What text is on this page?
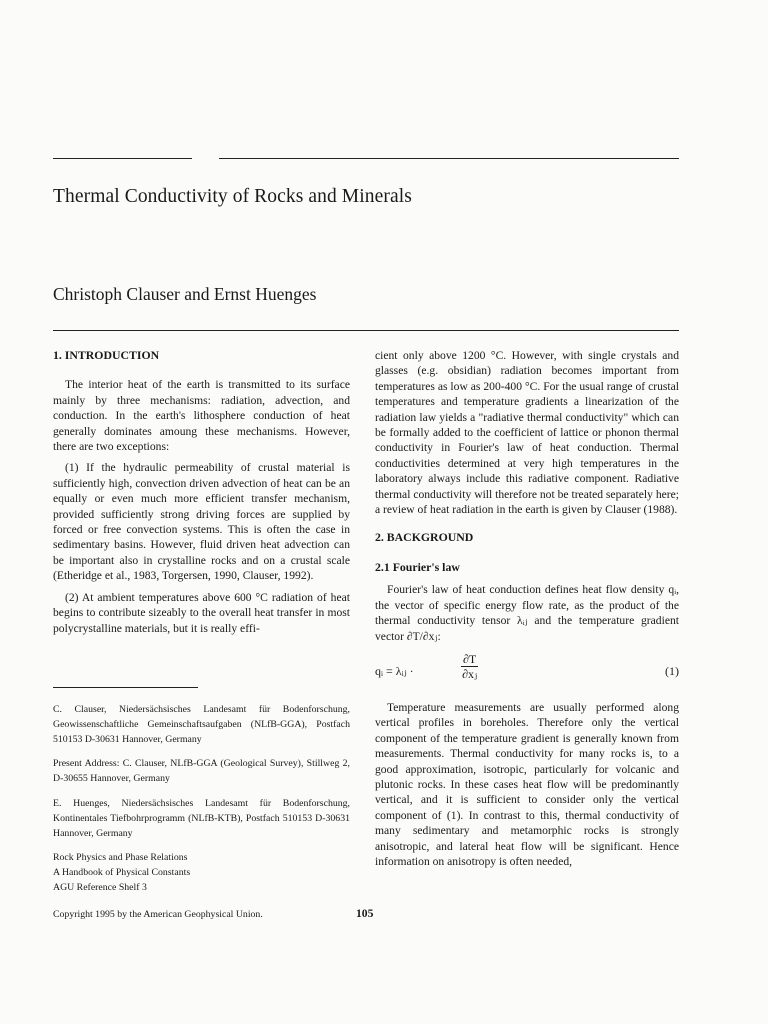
Thermal Conductivity of Rocks and Minerals
Christoph Clauser and Ernst Huenges
1. INTRODUCTION

The interior heat of the earth is transmitted to its surface mainly by three mechanisms: radiation, advection, and conduction. In the earth's lithosphere conduction of heat generally dominates amoung these mechanisms. However, there are two exceptions:

(1) If the hydraulic permeability of crustal material is sufficiently high, convection driven advection of heat can be an equally or even much more efficient transfer mechanism, provided sufficiently strong driving forces are supplied by forced or free convection systems. This is often the case in sedimentary basins. However, fluid driven heat advection can be important also in crystalline rocks and on a crustal scale (Etheridge et al., 1983, Torgersen, 1990, Clauser, 1992).

(2) At ambient temperatures above 600 °C radiation of heat begins to contribute sizeably to the overall heat transfer in most polycrystalline materials, but it is really effi-

C. Clauser, Niedersächsisches Landesamt für Bodenforschung, Geowissenschaftliche Gemeinschaftsaufgaben (NLfB-GGA), Postfach 510153 D-30631 Hannover, Germany

Present Address: C. Clauser, NLfB-GGA (Geological Survey), Stillweg 2, D-30655 Hannover, Germany

E. Huenges, Niedersächsisches Landesamt für Bodenforschung, Kontinentales Tiefbohrprogramm (NLfB-KTB), Postfach 510153 D-30631 Hannover, Germany

Rock Physics and Phase Relations

A Handbook of Physical Constants

AGU Reference Shelf 3

cient only above 1200 °C. However, with single crystals and glasses (e.g. obsidian) radiation becomes important from temperatures as low as 200-400 °C. For the usual range of crustal temperatures and temperature gradients a linearization of the radiation law yields a "radiative thermal conductivity" which can be formally added to the coefficient of lattice or phonon thermal conductivity in Fourier's law of heat conduction. Thermal conductivities determined at very high temperatures in the laboratory always include this radiative component. Radiative thermal conductivity will therefore not be treated separately here; a review of heat radiation in the earth is given by Clauser (1988).

2. BACKGROUND
2.1 Fourier's law

Fourier's law of heat conduction defines heat flow density qᵢ, the vector of specific energy flow rate, as the product of the thermal conductivity tensor λᵢⱼ and the temperature gradient vector ∂T/∂xⱼ:

qᵢ = λᵢⱼ ·	$\frac{\partial T}{\text{∂xⱼ}}$	(1)

Temperature measurements are usually performed along vertical profiles in boreholes. Therefore only the vertical component of the temperature gradient is generally known from measurements. Thermal conductivity for many rocks is, to a good approximation, isotropic, particularly for volcanic and plutonic rocks. In these cases heat flow will be predominantly vertical, and it is sufficient to consider only the vertical component of (1). In contrast to this, thermal conductivity of many sedimentary and metamorphic rocks is strongly anisotropic, and lateral heat flow will be significant. Hence information on anisotropy is often needed,

Copyright 1995 by the American Geophysical Union.	105
